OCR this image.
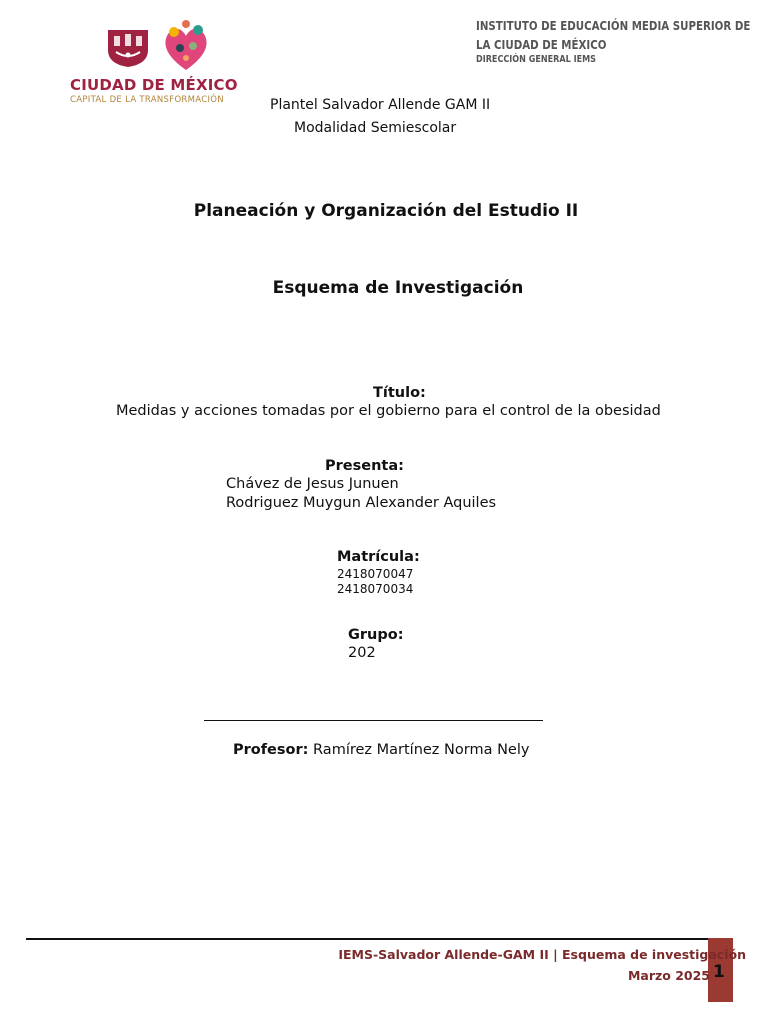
CIUDAD DE MÉXICO
CAPITAL DE LA TRANSFORMACIÓN
INSTITUTO DE EDUCACIÓN MEDIA SUPERIOR DE
LA CIUDAD DE MÉXICO
DIRECCIÓN GENERAL IEMS
Plantel Salvador Allende GAM II
Modalidad Semiescolar
Planeación y Organización del Estudio II
Esquema de Investigación
Título:
Medidas y acciones tomadas por el gobierno para el control de la obesidad
Presenta:
Chávez de Jesus Junuen
Rodriguez Muygun Alexander Aquiles
Matrícula:
2418070047
2418070034
Grupo:
202
Profesor: Ramírez Martínez Norma Nely
IEMS-Salvador Allende-GAM II | Esquema de investigación
Marzo 2025 1
